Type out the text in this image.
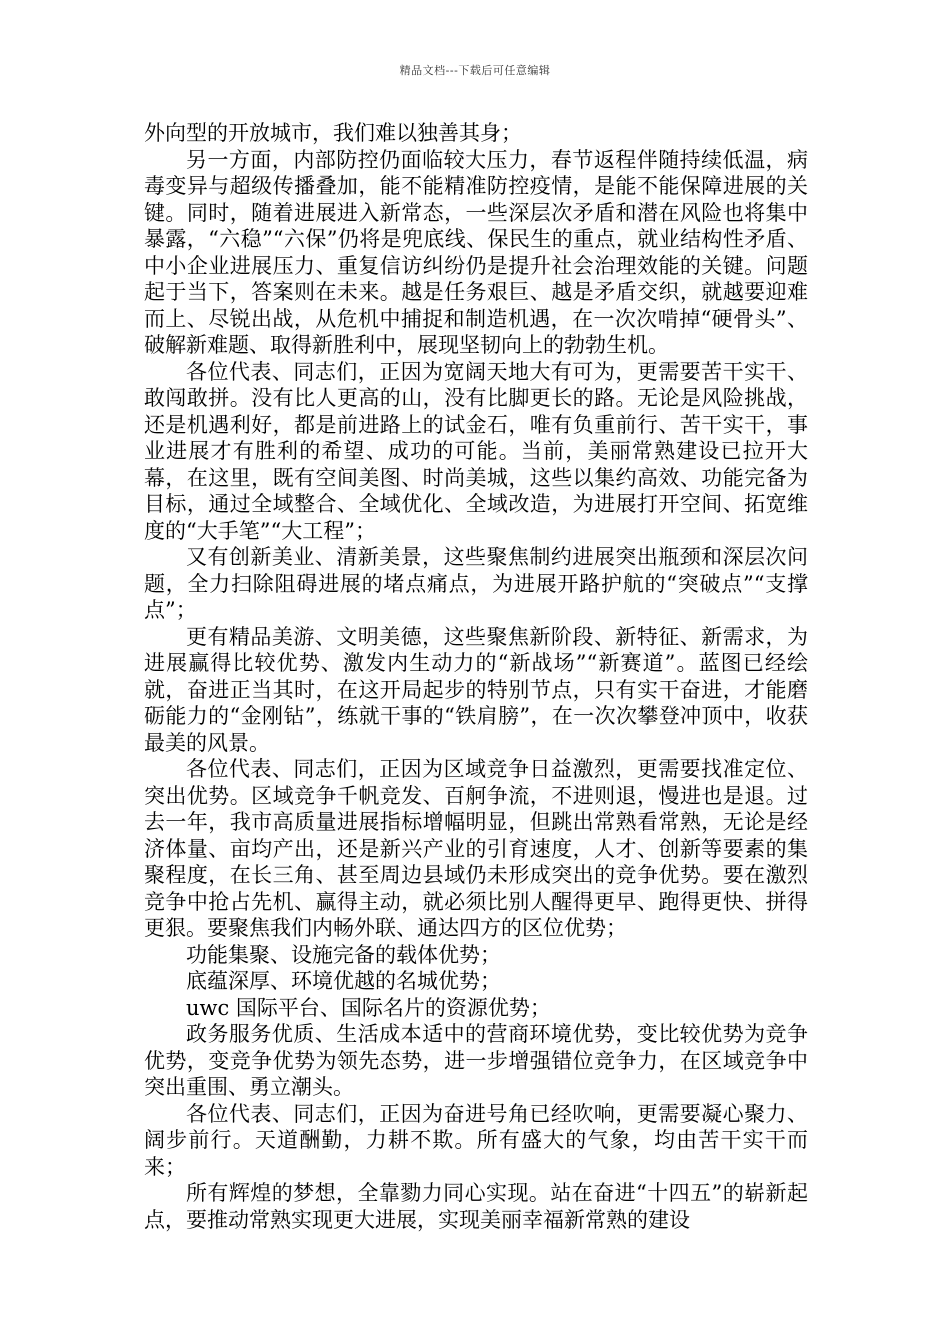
精品文档---下载后可任意编辑

外向型的开放城市，我们难以独善其身；

另一方面，内部防控仍面临较大压力，春节返程伴随持续低温，病毒变异与超级传播叠加，能不能精准防控疫情，是能不能保障进展的关键。同时，随着进展进入新常态，一些深层次矛盾和潜在风险也将集中暴露，“六稳”“六保”仍将是兜底线、保民生的重点，就业结构性矛盾、中小企业进展压力、重复信访纠纷仍是提升社会治理效能的关键。问题起于当下，答案则在未来。越是任务艰巨、越是矛盾交织，就越要迎难而上、尽锐出战，从危机中捕捉和制造机遇，在一次次啃掉“硬骨头”、破解新难题、取得新胜利中，展现坚韧向上的勃勃生机。

各位代表、同志们，正因为宽阔天地大有可为，更需要苦干实干、敢闯敢拼。没有比人更高的山，没有比脚更长的路。无论是风险挑战，还是机遇利好，都是前进路上的试金石，唯有负重前行、苦干实干，事业进展才有胜利的希望、成功的可能。当前，美丽常熟建设已拉开大幕，在这里，既有空间美图、时尚美城，这些以集约高效、功能完备为目标，通过全域整合、全域优化、全域改造，为进展打开空间、拓宽维度的“大手笔”“大工程”；

又有创新美业、清新美景，这些聚焦制约进展突出瓶颈和深层次问题，全力扫除阻碍进展的堵点痛点，为进展开路护航的“突破点”“支撑点”；

更有精品美游、文明美德，这些聚焦新阶段、新特征、新需求，为进展赢得比较优势、激发内生动力的“新战场”“新赛道”。蓝图已经绘就，奋进正当其时，在这开局起步的特别节点，只有实干奋进，才能磨砺能力的“金刚钻”，练就干事的“铁肩膀”，在一次次攀登冲顶中，收获最美的风景。

各位代表、同志们，正因为区域竞争日益激烈，更需要找准定位、突出优势。区域竞争千帆竞发、百舸争流，不进则退，慢进也是退。过去一年，我市高质量进展指标增幅明显，但跳出常熟看常熟，无论是经济体量、亩均产出，还是新兴产业的引育速度，人才、创新等要素的集聚程度，在长三角、甚至周边县域仍未形成突出的竞争优势。要在激烈竞争中抢占先机、赢得主动，就必须比别人醒得更早、跑得更快、拼得更狠。要聚焦我们内畅外联、通达四方的区位优势；

功能集聚、设施完备的载体优势；

底蕴深厚、环境优越的名城优势；

uwc 国际平台、国际名片的资源优势；

政务服务优质、生活成本适中的营商环境优势，变比较优势为竞争优势，变竞争优势为领先态势，进一步增强错位竞争力，在区域竞争中突出重围、勇立潮头。

各位代表、同志们，正因为奋进号角已经吹响，更需要凝心聚力、阔步前行。天道酬勤，力耕不欺。所有盛大的气象，均由苦干实干而来；

所有辉煌的梦想，全靠勠力同心实现。站在奋进“十四五”的崭新起点，要推动常熟实现更大进展，实现美丽幸福新常熟的建设
